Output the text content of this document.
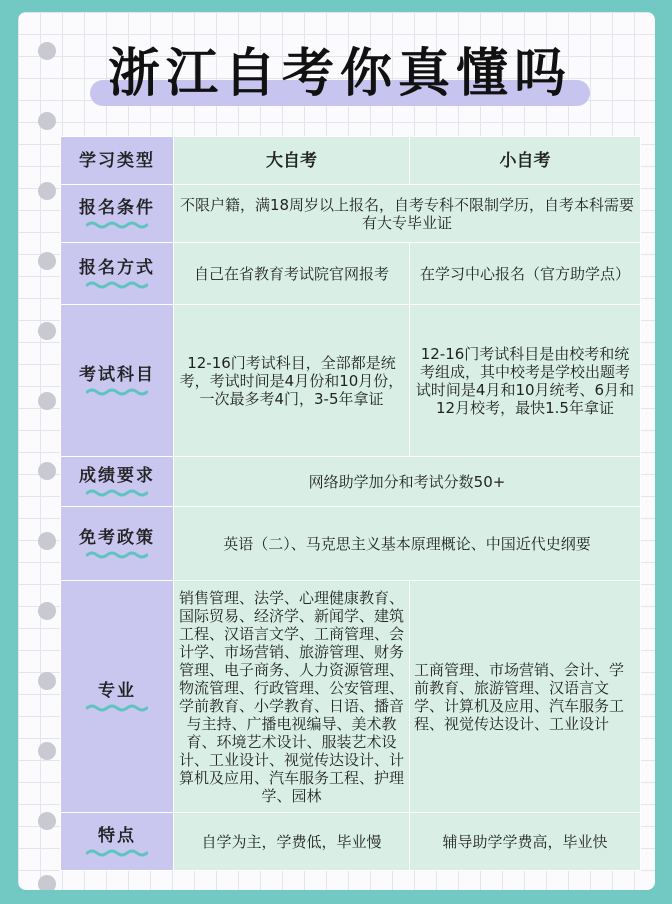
浙江自考你真懂吗
学习类型	大自考	小自考
报名条件	不限户籍，满18周岁以上报名，自考专科不限制学历，自考本科需要有大专毕业证	
报名方式	自己在省教育考试院官网报考	在学习中心报名（官方助学点）
考试科目	12-16门考试科目，全部都是统考，考试时间是4月份和10月份，一次最多考4门，3-5年拿证	12-16门考试科目是由校考和统考组成，其中校考是学校出题考试时间是4月和10月统考、6月和12月校考，最快1.5年拿证
成绩要求	网络助学加分和考试分数50+	
免考政策	英语（二）、马克思主义基本原理概论、中国近代史纲要	
专业	销售管理、法学、心理健康教育、国际贸易、经济学、新闻学、建筑工程、汉语言文学、工商管理、会计学、市场营销、旅游管理、财务管理、电子商务、人力资源管理、物流管理、行政管理、公安管理、学前教育、小学教育、日语、播音与主持、广播电视编导、美术教育、环境艺术设计、服装艺术设计、工业设计、视觉传达设计、计算机及应用、汽车服务工程、护理学、园林	工商管理、市场营销、会计、学前教育、旅游管理、汉语言文学、计算机及应用、汽车服务工程、视觉传达设计、工业设计
特点	自学为主，学费低，毕业慢	辅导助学学费高，毕业快
